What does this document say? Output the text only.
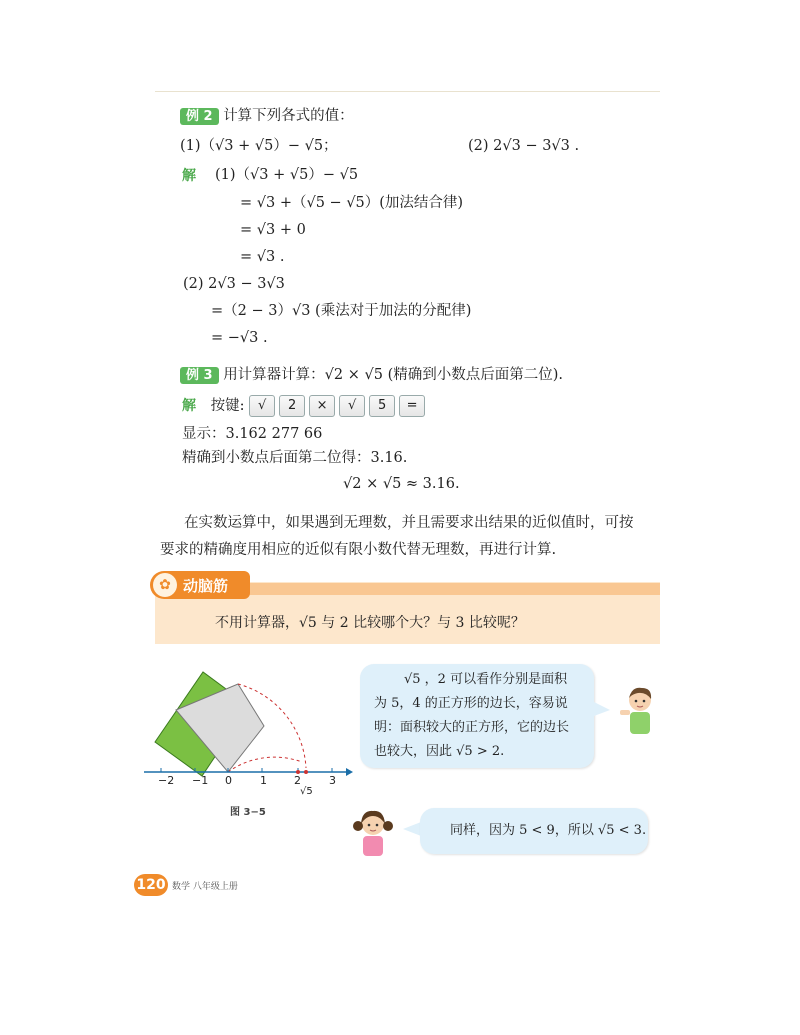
例 2 计算下列各式的值：
(1)（√3 + √5）− √5；	(2) 2√3 − 3√3 .
解 (1)（√3 + √5）− √5
= √3 +（√5 − √5）(加法结合律)
= √3 + 0
= √3 .
(2) 2√3 − 3√3
=（2 − 3）√3 (乘法对于加法的分配律)
= −√3 .
例 3 用计算器计算：√2 × √5 (精确到小数点后面第二位).
解 按键: √ 2 × √ 5 =
显示：3.162 277 66
精确到小数点后面第二位得：3.16.
√2 × √5 ≈ 3.16.
在实数运算中，如果遇到无理数，并且需要求出结果的近似值时，可按
要求的精确度用相应的近似有限小数代替无理数，再进行计算.
✿ 动脑筋
不用计算器，√5 与 2 比较哪个大？与 3 比较呢？
−2 −1 0	1 2	3
√5
图 3−5
√5 ，2 可以看作分别是面积
为 5，4 的正方形的边长，容易说
明：面积较大的正方形，它的边长
也较大，因此 √5 > 2.
同样，因为 5 < 9，所以 √5 < 3.
120 数学 八年级上册
